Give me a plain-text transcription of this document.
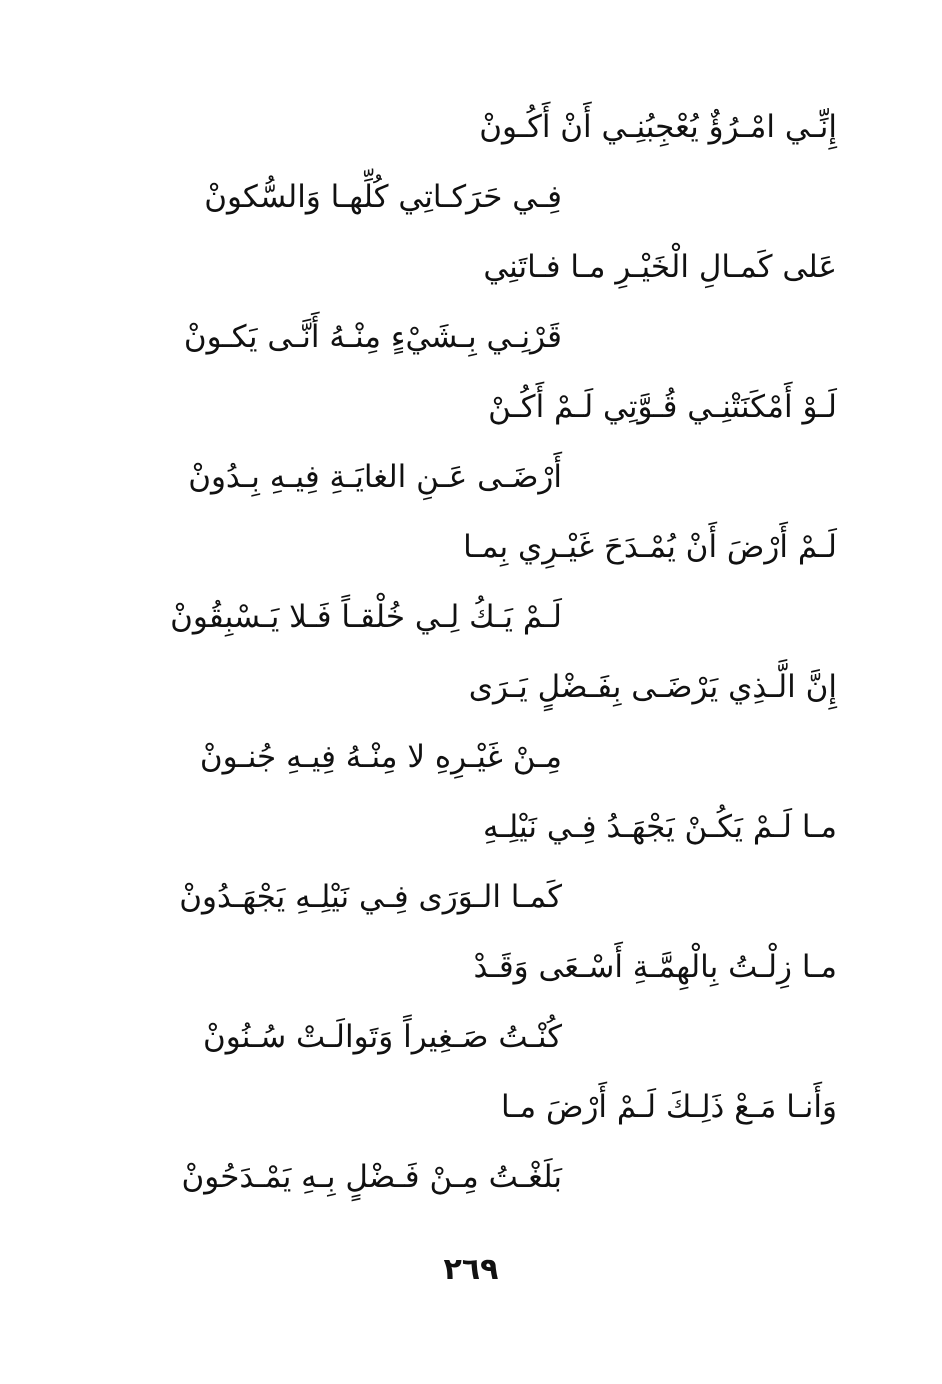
إِنِّـي امْـرُؤٌ يُعْجِبُنِـي أَنْ أَكُـونْ
فِـي حَرَكـاتِي كُلِّهـا وَالسُّكونْ
عَلى كَمـالِ الْخَيْـرِ مـا فـاتَنِي
قَرْنِـي بِـشَيْءٍ مِنْـهُ أَنَّـى يَكـونْ
لَـوْ أَمْكَنَتْنِـي قُـوَّتِي لَـمْ أَكُـنْ
أَرْضَـى عَـنِ الغايَـةِ فِيـهِ بِـدُونْ
لَـمْ أَرْضَ أَنْ يُمْـدَحَ غَيْـرِي بِمـا
لَـمْ يَـكُ لِـي خُلْقـاً فَـلا يَـسْبِقُونْ
إِنَّ الَّـذِي يَرْضَـى بِفَـضْلٍ يَـرَى
مِـنْ غَيْـرِهِ لا مِنْـهُ فِيـهِ جُنـونْ
مـا لَـمْ يَكُـنْ يَجْهَـدُ فِـي نَيْلِـهِ
كَمـا الـوَرَى فِـي نَيْلِـهِ يَجْهَـدُونْ
مـا زِلْـتُ بِالْهِمَّـةِ أَسْـعَى وَقَـدْ
كُنْـتُ صَـغِيراً وَتَوالَـتْ سُـنُونْ
وَأَنـا مَـعْ ذَلِـكَ لَـمْ أَرْضَ مـا
بَلَغْـتُ مِـنْ فَـضْلٍ بِـهِ يَمْـدَحُونْ
٢٦٩
